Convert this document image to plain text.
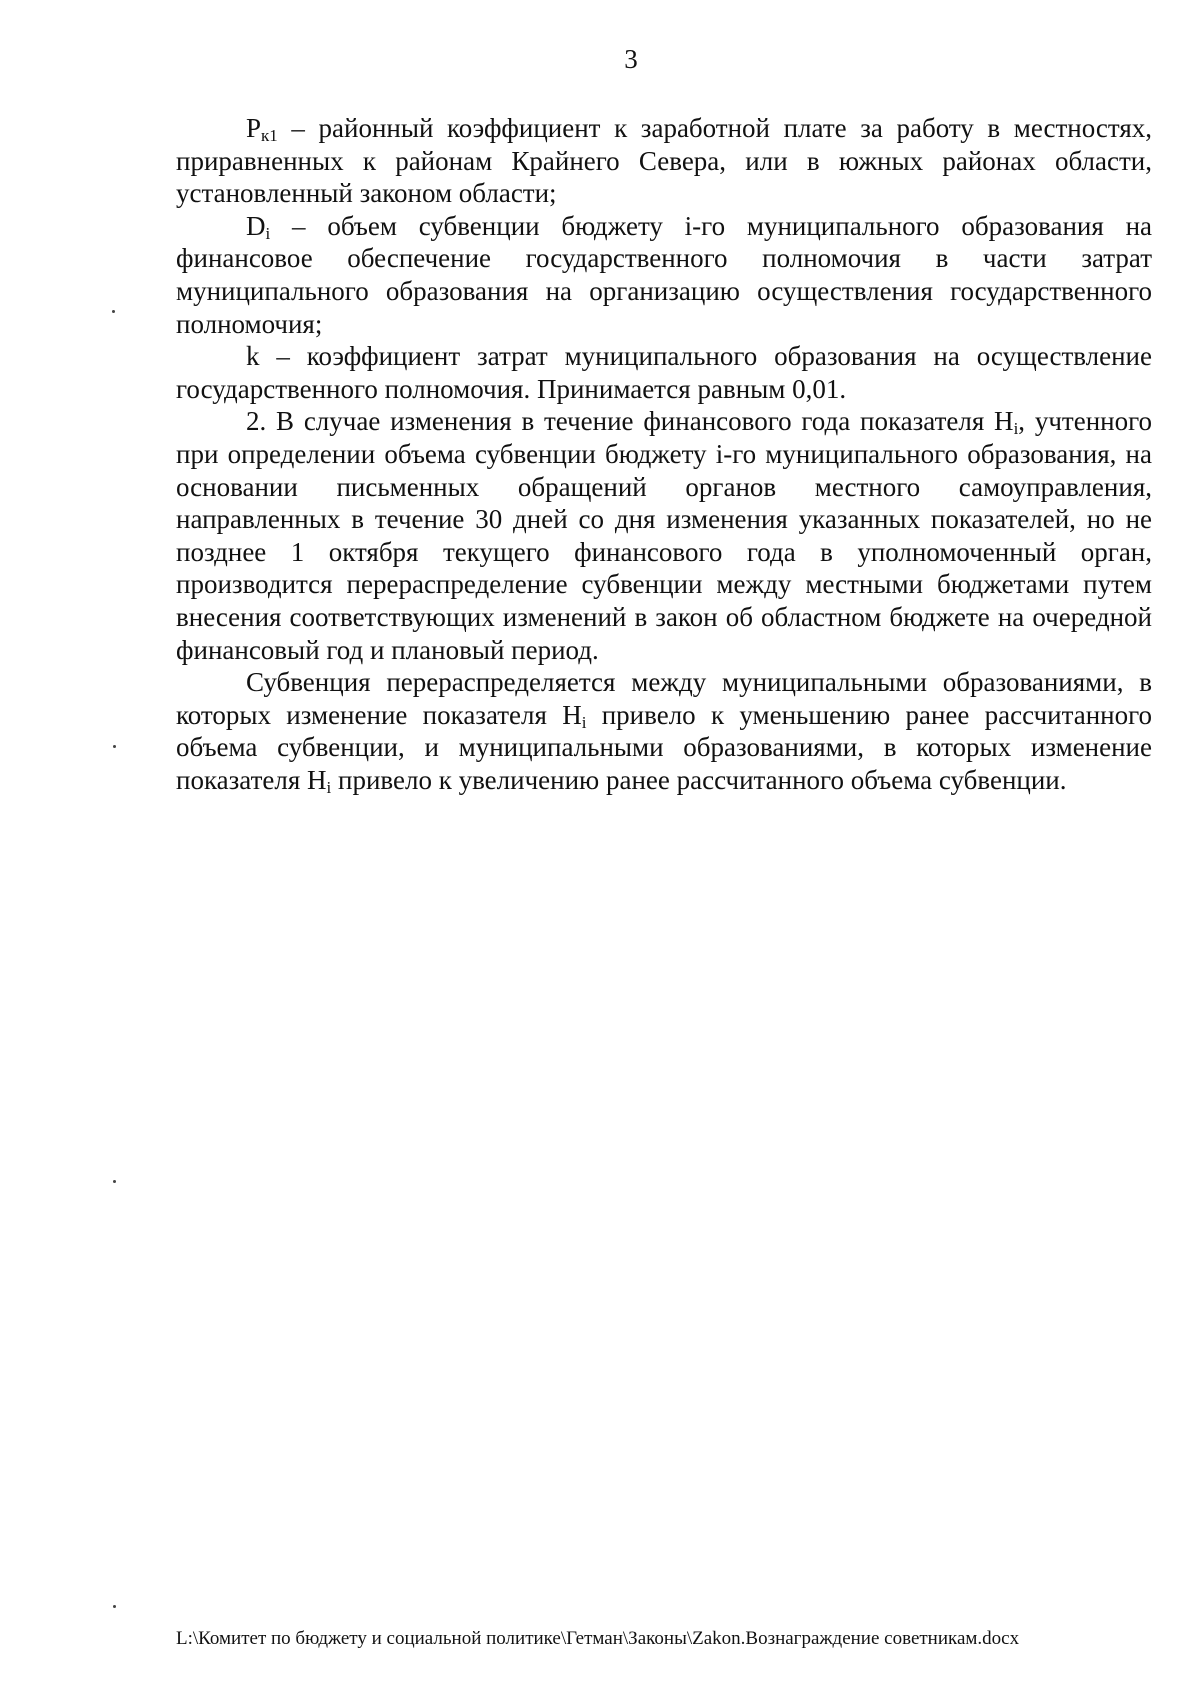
3

$P_{к1}$ – районный коэффициент к заработной плате за работу в местностях, приравненных к районам Крайнего Севера, или в южных районах области, установленный законом области;

$D_i$ – объем субвенции бюджету i-го муниципального образования на финансовое обеспечение государственного полномочия в части затрат муниципального образования на организацию осуществления государственного полномочия;

k – коэффициент затрат муниципального образования на осуществление государственного полномочия. Принимается равным 0,01.

2. В случае изменения в течение финансового года показателя $H_i$, учтенного при определении объема субвенции бюджету i-го муниципального образования, на основании письменных обращений органов местного самоуправления, направленных в течение 30 дней со дня изменения указанных показателей, но не позднее 1 октября текущего финансового года в уполномоченный орган, производится перераспределение субвенции между местными бюджетами путем внесения соответствующих изменений в закон об областном бюджете на очередной финансовый год и плановый период.

Субвенция перераспределяется между муниципальными образованиями, в которых изменение показателя $H_i$ привело к уменьшению ранее рассчитанного объема субвенции, и муниципальными образованиями, в которых изменение показателя $H_i$ привело к увеличению ранее рассчитанного объема субвенции.

L:\Комитет по бюджету и социальной политике\Гетман\Законы\Zakon.Вознаграждение советникам.docx
